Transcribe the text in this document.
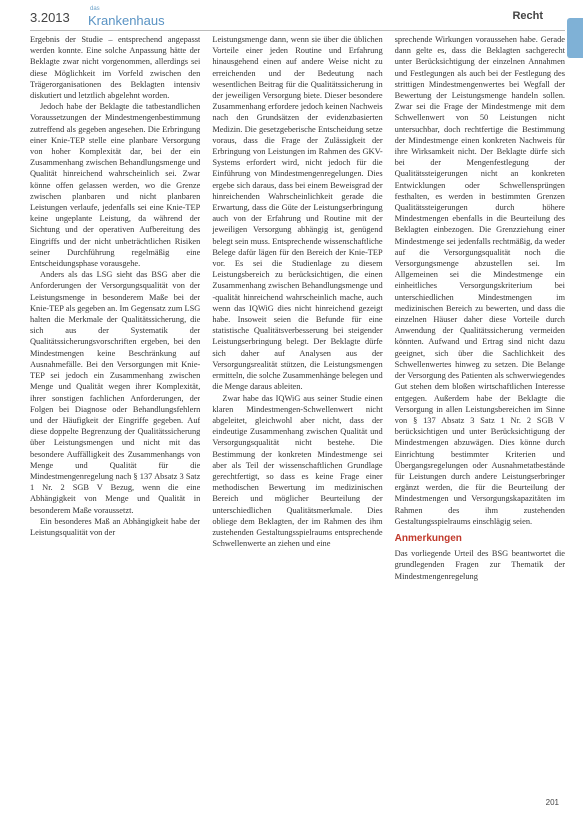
3.2013
das
Krankenhaus	Recht

Ergebnis der Studie – entsprechend angepasst werden konnte. Eine solche Anpassung hätte der Beklagte zwar nicht vorgenommen, allerdings sei diese Möglichkeit im Vorfeld zwischen den Trägerorganisationen des Beklagten intensiv diskutiert und letztlich abgelehnt worden.

Jedoch habe der Beklagte die tatbestandlichen Voraussetzungen der Mindestmengenbestimmung zutreffend als gegeben angesehen. Die Erbringung einer Knie-TEP stelle eine planbare Versorgung von hoher Komplexität dar, bei der ein Zusammenhang zwischen Behandlungsmenge und Qualität hinreichend wahrscheinlich sei. Zwar könne offen gelassen werden, wo die Grenze zwischen planbaren und nicht planbaren Leistungen verlaufe, jedenfalls sei eine Knie-TEP keine ungeplante Leistung, da während der Sichtung und der operativen Aufbereitung des Eingriffs und der nicht unbeträchtlichen Risiken seiner Durchführung regelmäßig eine Entscheidungsphase vorausgehe.

Anders als das LSG sieht das BSG aber die Anforderungen der Versorgungsqualität von der Leistungsmenge in besonderem Maße bei der Knie-TEP als gegeben an. Im Gegensatz zum LSG halten die Merkmale der Qualitätssicherung, die sich aus der Systematik der Qualitätssicherungsvorschriften ergeben, bei den Mindestmengen keine Beschränkung auf Ausnahmefälle. Bei den Versorgungen mit Knie-TEP sei jedoch ein Zusammenhang zwischen Menge und Qualität wegen ihrer Komplexität, ihrer sonstigen fachlichen Anforderungen, der Folgen bei Diagnose oder Behandlungsfehlern und der Häufigkeit der Eingriffe gegeben. Auf diese doppelte Begrenzung der Qualitätssicherung über Leistungsmengen und nicht mit das besondere Auffälligkeit des Zusammenhangs von Menge und Qualität für die Mindestmengenregelung nach § 137 Absatz 3 Satz 1 Nr. 2 SGB V Bezug, wenn die eine Abhängigkeit von Menge und Qualität in besonderem Maße voraussetzt.

Ein besonderes Maß an Abhängigkeit habe der Leistungsqualität von der

Leistungsmenge dann, wenn sie über die üblichen Vorteile einer jeden Routine und Erfahrung hinausgehend einen auf andere Weise nicht zu erreichenden und der Bedeutung nach wesentlichen Beitrag für die Qualitätssicherung in der jeweiligen Versorgung biete. Dieser besondere Zusammenhang erfordere jedoch keinen Nachweis nach den Grundsätzen der evidenzbasierten Medizin. Die gesetzgeberische Entscheidung setze voraus, dass die Frage der Zulässigkeit der Erbringung von Leistungen im Rahmen des GKV-Systems erfordert wird, nicht jedoch für die Einführung von Mindestmengenregelungen. Dies ergebe sich daraus, dass bei einem Beweisgrad der hinreichenden Wahrscheinlichkeit gerade die Erwartung, dass die Güte der Leistungserbringung auch von der Erfahrung und Routine mit der jeweiligen Versorgung abhängig ist, genügend belegt sein muss. Entsprechende wissenschaftliche Belege dafür lägen für den Bereich der Knie-TEP vor. Es sei die Studienlage zu diesem Leistungsbereich zu berücksichtigen, die einen Zusammenhang zwischen Behandlungsmenge und -qualität hinreichend wahrscheinlich mache, auch wenn das IQWiG dies nicht hinreichend gezeigt habe. Insoweit seien die Befunde für eine statistische Qualitätsverbesserung bei steigender Leistungserbringung belegt. Der Beklagte dürfe sich daher auf Analysen aus der Versorgungsrealität stützen, die Leistungsmengen ermitteln, die solche Zusammenhänge belegen und die Menge daraus ableiten.

Zwar habe das IQWiG aus seiner Studie einen klaren Mindestmengen-Schwellenwert nicht abgeleitet, gleichwohl aber nicht, dass der eindeutige Zusammenhang zwischen Qualität und Versorgungsqualität nicht bestehe. Die Bestimmung der konkreten Mindestmenge sei aber als Teil der wissenschaftlichen Grundlage gerechtfertigt, so dass es keine Frage einer methodischen Bewertung im medizinischen Bereich und möglicher Beurteilung der unterschiedlichen Qualitätsmerkmale. Dies obliege dem Beklagten, der im Rahmen des ihm zustehenden Gestaltungsspielraums entsprechende Schwellenwerte an ziehen und eine

sprechende Wirkungen voraussehen habe. Gerade dann gelte es, dass die Beklagten sachgerecht unter Berücksichtigung der einzelnen Annahmen und Festlegungen als auch bei der Festlegung des strittigen Mindestmengenwertes bei Wegfall der Bewertung der Leistungsmenge handeln sollen. Zwar sei die Frage der Mindestmenge mit dem Schwellenwert von 50 Leistungen nicht untersuchbar, doch rechtfertige die Bestimmung der Mindestmenge einen konkreten Nachweis für ihre Wirksamkeit nicht. Der Beklagte dürfe sich bei der Mengenfestlegung der Qualitätssteigerungen nicht an konkreten Entwicklungen oder Schwellensprüngen festhalten, es werden in bestimmten Grenzen Qualitätssteigerungen durch höhere Mindestmengen ebenfalls in die Beurteilung des Beklagten einbezogen. Die Grenzziehung einer Mindestmenge sei jedenfalls rechtmäßig, da weder auf die Versorgungsqualität noch die Versorgungsmenge abzustellen sei. Im Allgemeinen sei die Mindestmenge ein einheitliches Versorgungskriterium bei unterschiedlichen Mindestmengen im medizinischen Bereich zu bewerten, und dass die einzelnen Häuser daher diese Vorteile durch Anwendung der Qualitätssicherung vermeiden könnten. Aufwand und Ertrag sind nicht dazu geeignet, sich über die Sachlichkeit des Schwellenwertes hinweg zu setzen. Die Belange der Versorgung des Patienten als schwerwiegendes Gut stehen dem bloßen wirtschaftlichen Interesse entgegen. Außerdem habe der Beklagte die Versorgung in allen Leistungsbereichen im Sinne von § 137 Absatz 3 Satz 1 Nr. 2 SGB V berücksichtigen und unter Berücksichtigung der Mindestmengen abzuwägen. Dies könne durch Einrichtung bestimmter Kriterien und Übergangsregelungen oder Ausnahmetatbestände für Leistungen durch andere Leistungserbringer ergänzt werden, die für die Beurteilung der Mindestmengen und Versorgungskapazitäten im Rahmen des ihm zustehenden Gestaltungsspielraums einschlägig seien.

Anmerkungen

Das vorliegende Urteil des BSG beantwortet die grundlegenden Fragen zur Thematik der Mindestmengenregelung

201
